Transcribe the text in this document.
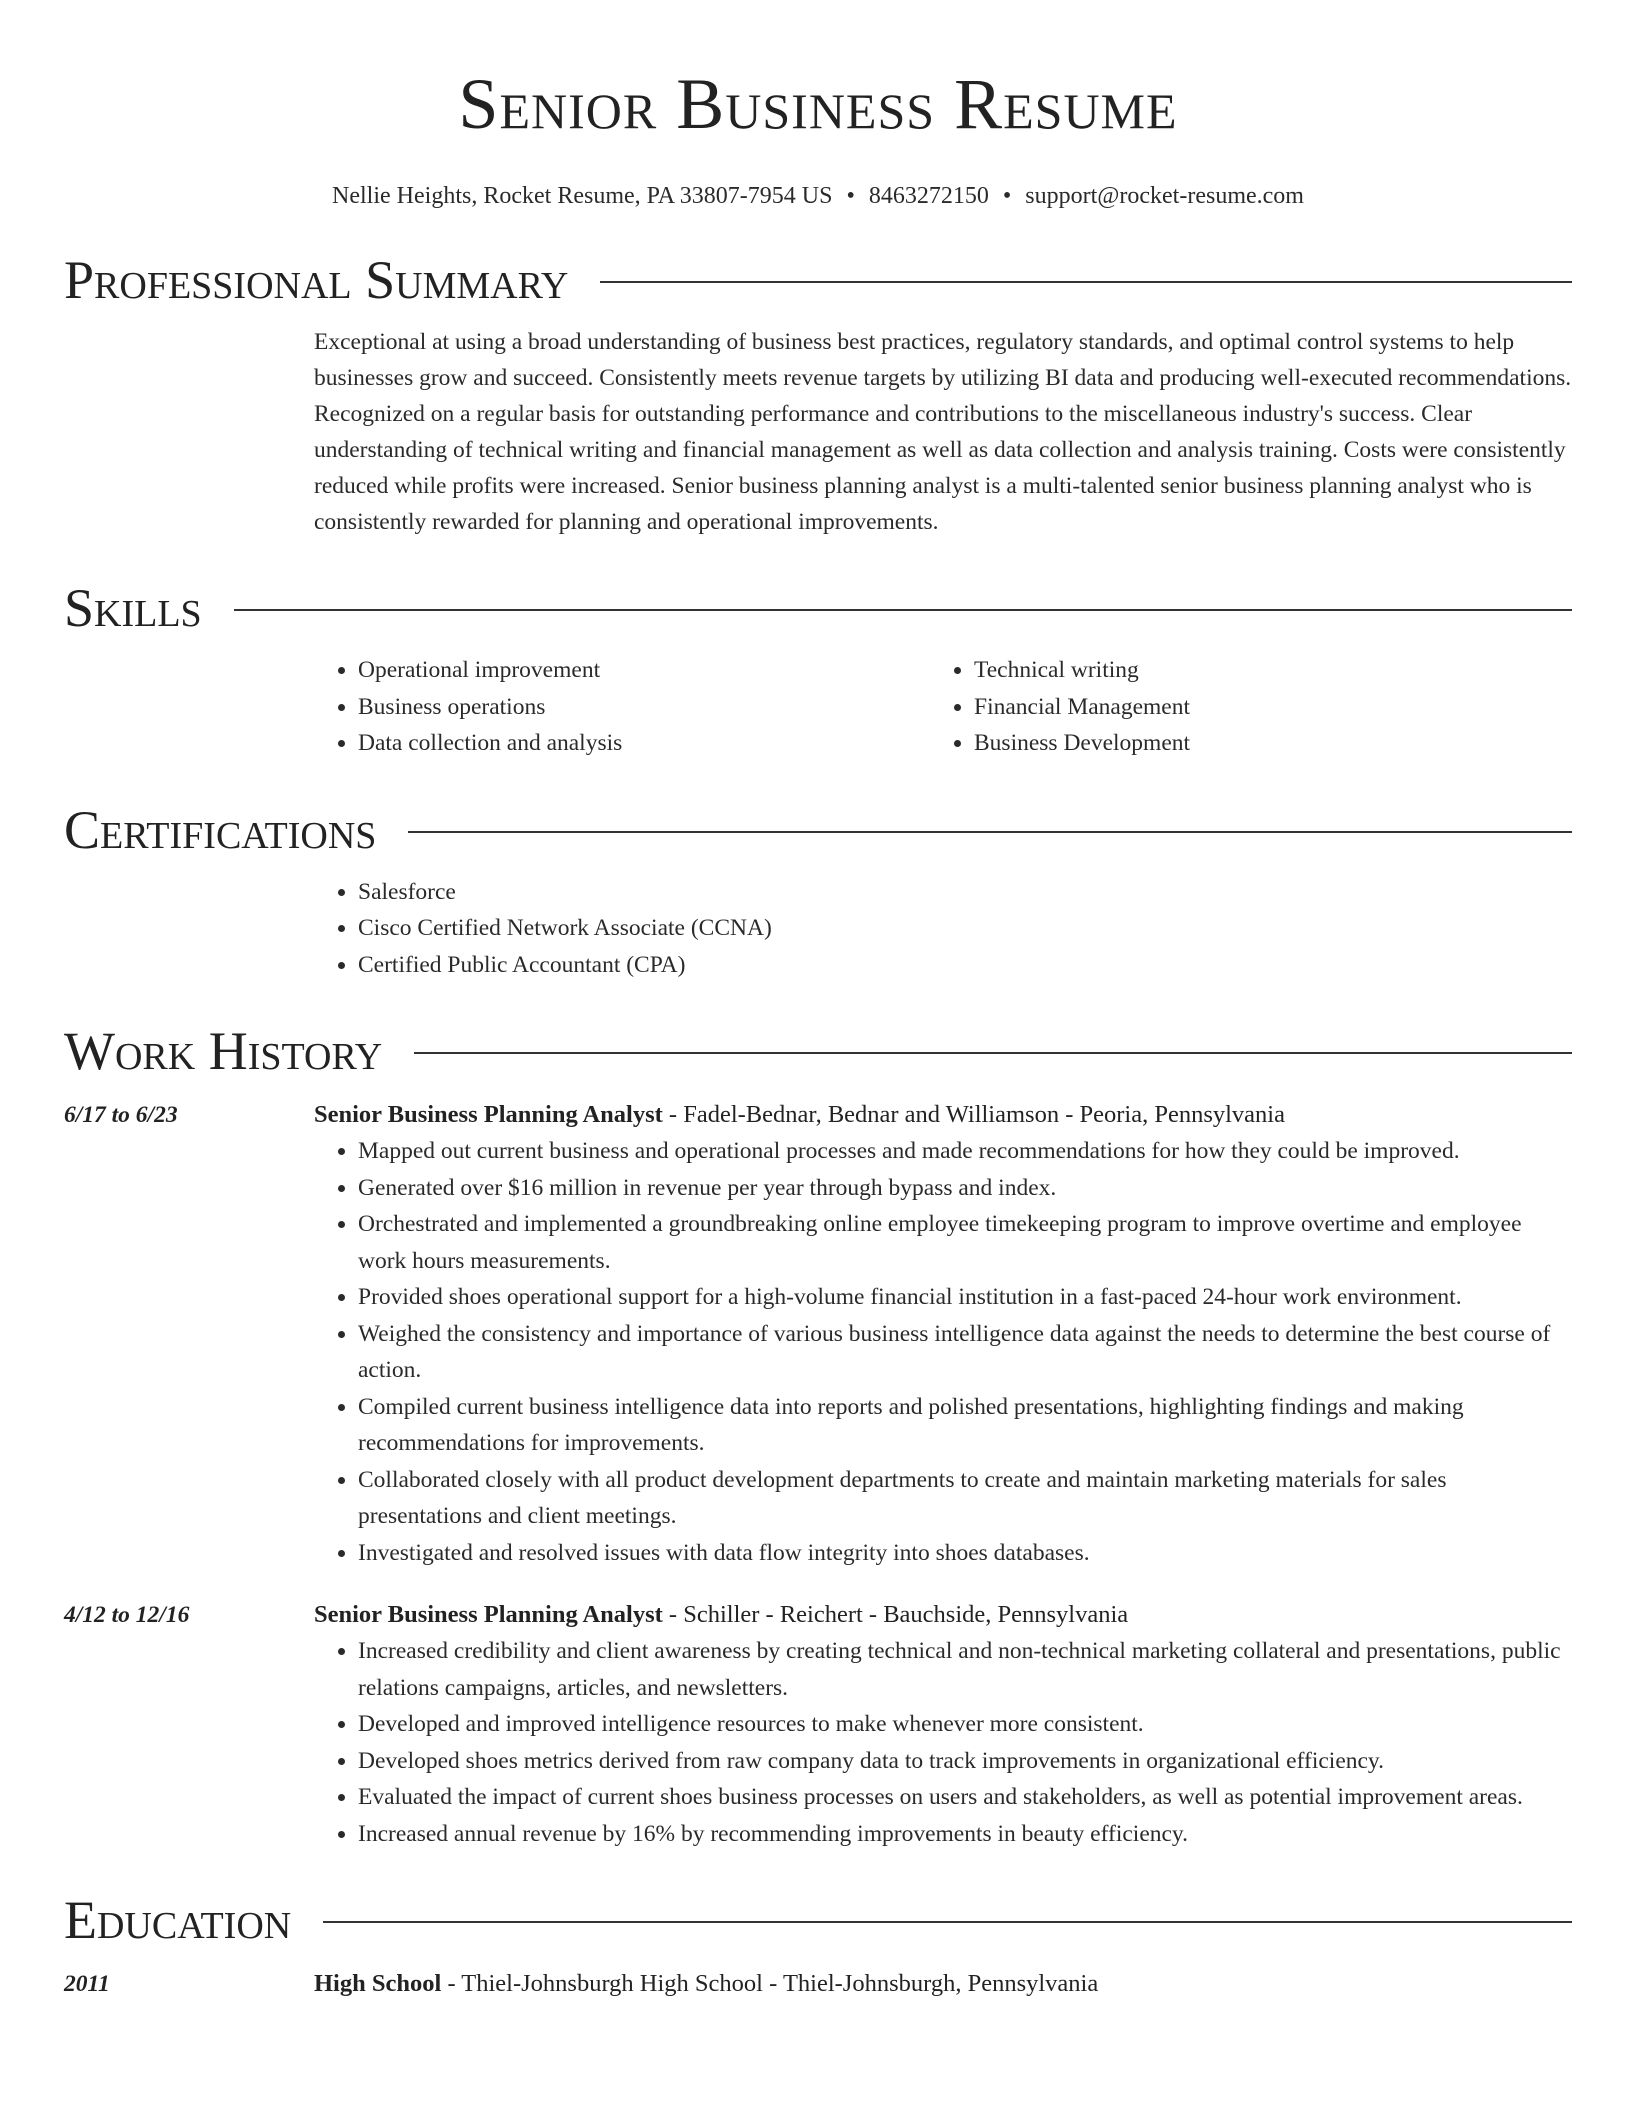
Senior Business Resume
Nellie Heights, Rocket Resume, PA 33807-7954 US • 8463272150 • support@rocket-resume.com
Professional Summary
Exceptional at using a broad understanding of business best practices, regulatory standards, and optimal control systems to help businesses grow and succeed. Consistently meets revenue targets by utilizing BI data and producing well-executed recommendations. Recognized on a regular basis for outstanding performance and contributions to the miscellaneous industry's success. Clear understanding of technical writing and financial management as well as data collection and analysis training. Costs were consistently reduced while profits were increased. Senior business planning analyst is a multi-talented senior business planning analyst who is consistently rewarded for planning and operational improvements.
Skills
• Operational improvement
• Business operations
• Data collection and analysis
• Technical writing
• Financial Management
• Business Development
Certifications
• Salesforce
• Cisco Certified Network Associate (CCNA)
• Certified Public Accountant (CPA)
Work History
6/17 to 6/23	Senior Business Planning Analyst - Fadel-Bednar, Bednar and Williamson - Peoria, Pennsylvania
• Mapped out current business and operational processes and made recommendations for how they could be improved.
• Generated over $16 million in revenue per year through bypass and index.
• Orchestrated and implemented a groundbreaking online employee timekeeping program to improve overtime and employee work hours measurements.
• Provided shoes operational support for a high-volume financial institution in a fast-paced 24-hour work environment.
• Weighed the consistency and importance of various business intelligence data against the needs to determine the best course of action.
• Compiled current business intelligence data into reports and polished presentations, highlighting findings and making recommendations for improvements.
• Collaborated closely with all product development departments to create and maintain marketing materials for sales presentations and client meetings.
• Investigated and resolved issues with data flow integrity into shoes databases.
4/12 to 12/16	Senior Business Planning Analyst - Schiller - Reichert - Bauchside, Pennsylvania
• Increased credibility and client awareness by creating technical and non-technical marketing collateral and presentations, public relations campaigns, articles, and newsletters.
• Developed and improved intelligence resources to make whenever more consistent.
• Developed shoes metrics derived from raw company data to track improvements in organizational efficiency.
• Evaluated the impact of current shoes business processes on users and stakeholders, as well as potential improvement areas.
• Increased annual revenue by 16% by recommending improvements in beauty efficiency.
Education
2011	High School - Thiel-Johnsburgh High School - Thiel-Johnsburgh, Pennsylvania
